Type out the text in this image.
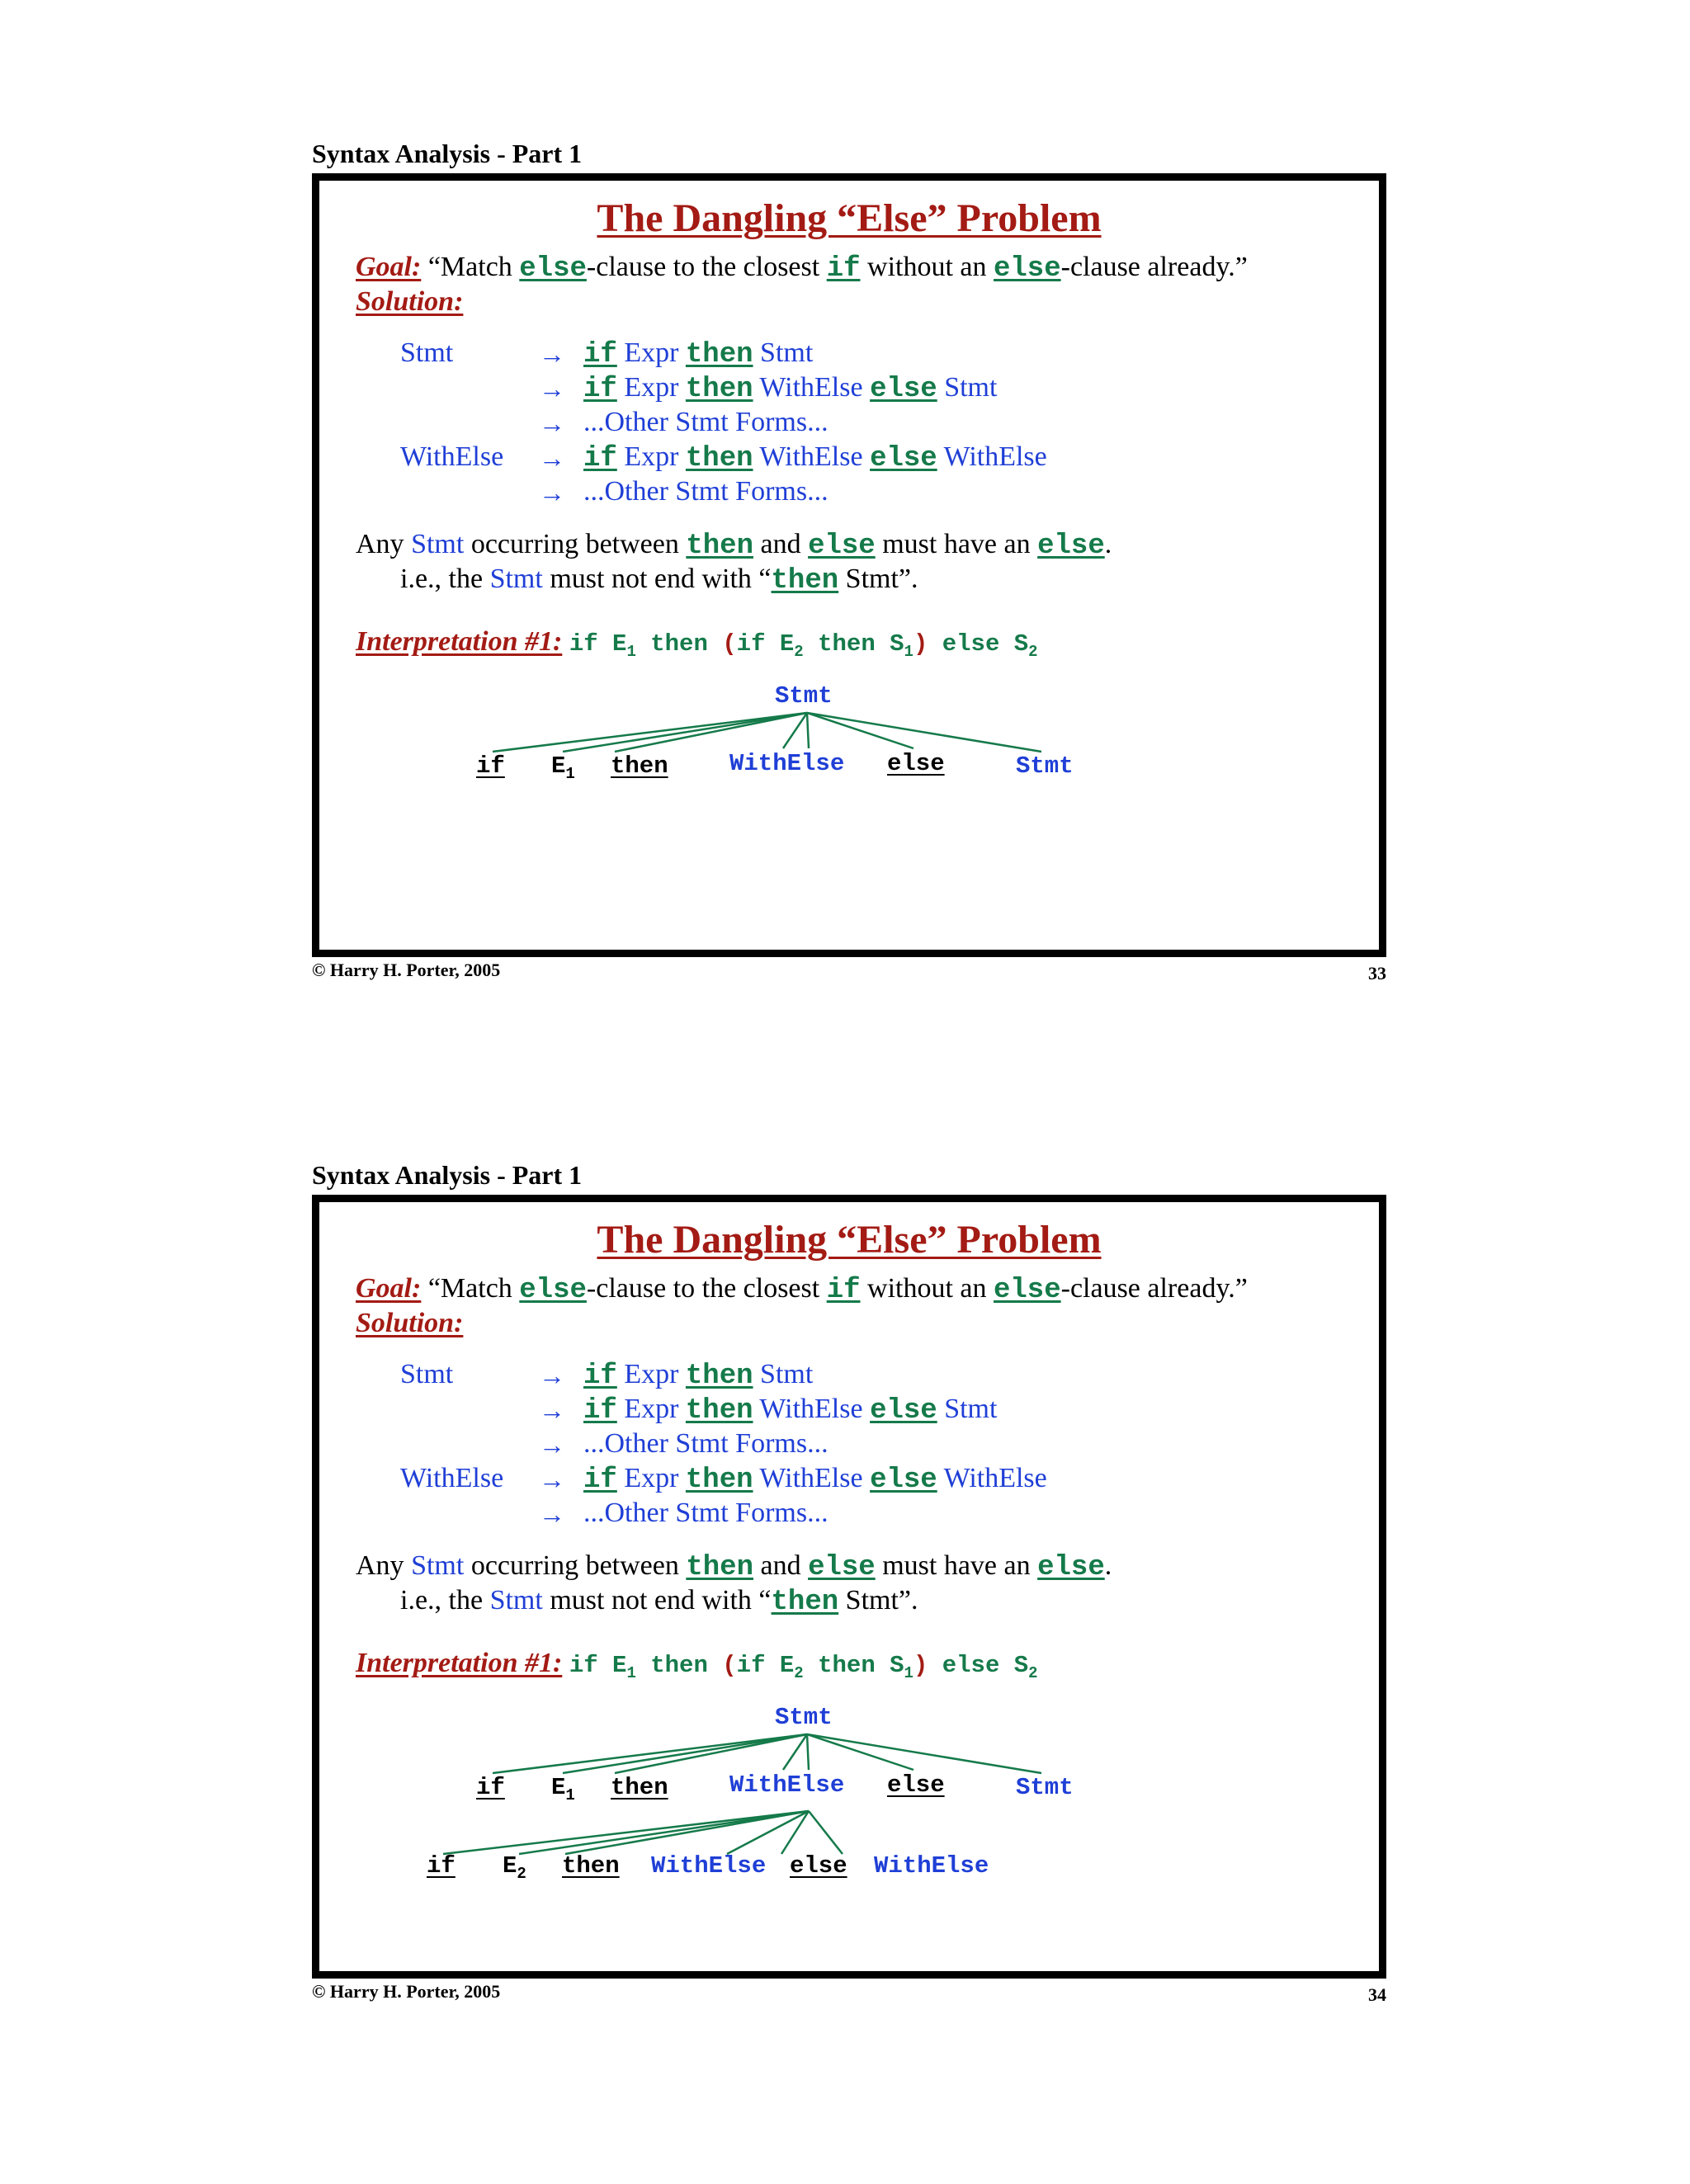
Syntax Analysis - Part 1
The Dangling “Else” Problem
Goal: “Match else-clause to the closest if without an else-clause already.”
Solution:
Stmt	→ if Expr then Stmt
→ if Expr then WithElse else Stmt
→ ...Other Stmt Forms...
WithElse → if Expr then WithElse else WithElse
→ ...Other Stmt Forms...
Any Stmt occurring between then and else must have an else.
i.e., the Stmt must not end with “then Stmt”.
Interpretation #1: if $E_1$ then (if $E_2$ then $S_1$) else $S_2$
Stmt
if $E_1$ then	WithElse else	Stmt
© Harry H. Porter, 2005	33
Syntax Analysis - Part 1
The Dangling “Else” Problem
Goal: “Match else-clause to the closest if without an else-clause already.”
Solution:
Stmt	→ if Expr then Stmt
→ if Expr then WithElse else Stmt
→ ...Other Stmt Forms...
WithElse → if Expr then WithElse else WithElse
→ ...Other Stmt Forms...
Any Stmt occurring between then and else must have an else.
i.e., the Stmt must not end with “then Stmt”.
Interpretation #1: if $E_1$ then (if $E_2$ then $S_1$) else $S_2$
Stmt
if $E_1$ then	WithElse else	Stmt
if $E_2$ then WithElse else WithElse
© Harry H. Porter, 2005	34
